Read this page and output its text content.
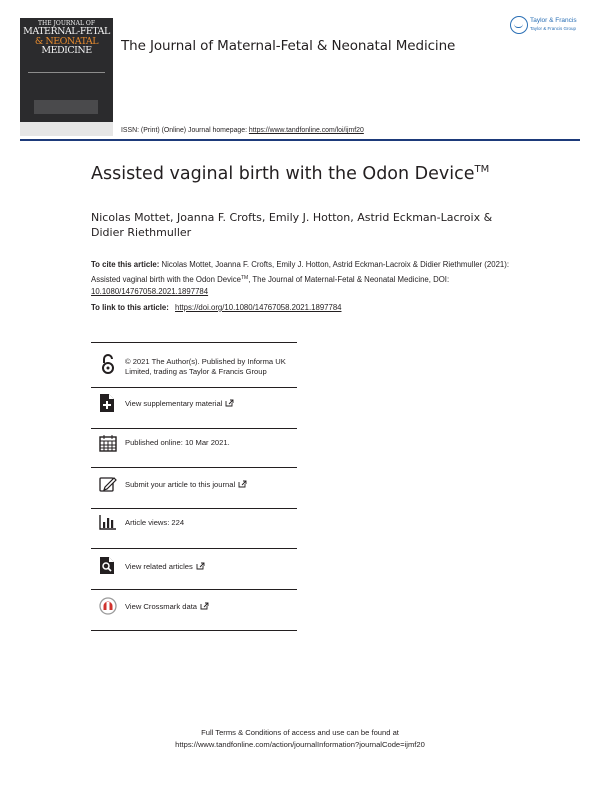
THE JOURNAL OF
MATERNAL-FETAL
& NEONATAL
MEDICINE	The Journal of Maternal-Fetal & Neonatal Medicine
Taylor & Francis
Taylor & Francis Group
ISSN: (Print) (Online) Journal homepage: https://www.tandfonline.com/loi/ijmf20
Assisted vaginal birth with the Odon Device™
Nicolas Mottet, Joanna F. Crofts, Emily J. Hotton, Astrid Eckman-Lacroix &
Didier Riethmuller
To cite this article: Nicolas Mottet, Joanna F. Crofts, Emily J. Hotton, Astrid Eckman-Lacroix & Didier Riethmuller (2021): Assisted vaginal birth with the Odon Device™, The Journal of Maternal-Fetal & Neonatal Medicine, DOI: 10.1080/14767058.2021.1897784
To link to this article: https://doi.org/10.1080/14767058.2021.1897784
© 2021 The Author(s). Published by Informa UK Limited, trading as Taylor & Francis Group
View supplementary material
Published online: 10 Mar 2021.
Submit your article to this journal
Article views: 224
View related articles
View Crossmark data
Full Terms & Conditions of access and use can be found at
https://www.tandfonline.com/action/journalInformation?journalCode=ijmf20
